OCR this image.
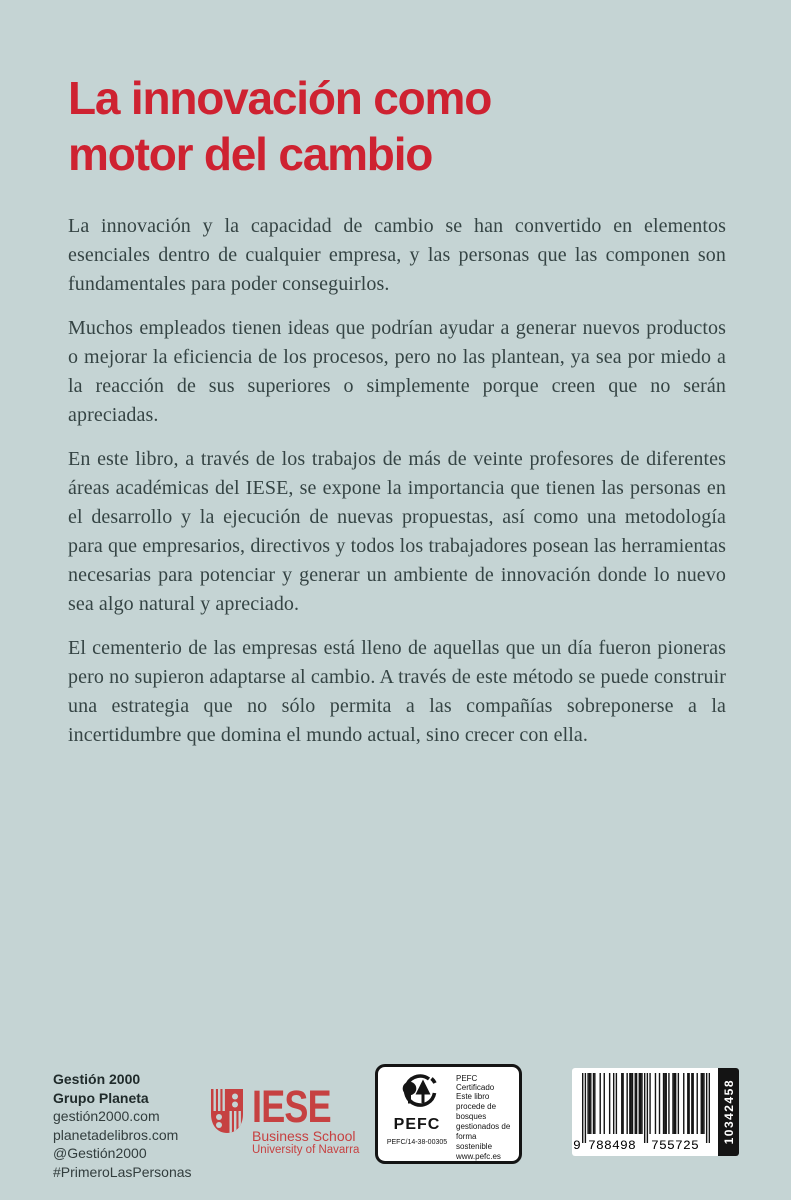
La innovación como
motor del cambio

La innovación y la capacidad de cambio se han convertido en elementos esenciales dentro de cualquier empresa, y las personas que las componen son fundamentales para poder conseguirlos.

Muchos empleados tienen ideas que podrían ayudar a generar nuevos productos o mejorar la eficiencia de los procesos, pero no las plantean, ya sea por miedo a la reacción de sus superiores o simplemente porque creen que no serán apreciadas.

En este libro, a través de los trabajos de más de veinte profesores de diferentes áreas académicas del IESE, se expone la importancia que tienen las personas en el desarrollo y la ejecución de nuevas propuestas, así como una metodología para que empresarios, directivos y todos los trabajadores posean las herramientas necesarias para potenciar y generar un ambiente de innovación donde lo nuevo sea algo natural y apreciado.

El cementerio de las empresas está lleno de aquellas que un día fueron pioneras pero no supieron adaptarse al cambio. A través de este método se puede construir una estrategia que no sólo permita a las compañías sobreponerse a la incertidumbre que domina el mundo actual, sino crecer con ella.

Gestión 2000
Grupo Planeta
gestión2000.com
planetadelibros.com
@Gestión2000
#PrimeroLasPersonas
IESE
Business School
University of Navarra
PEFC
PEFC/14-38-00305
PEFC Certificado
Este libro procede de bosques gestionados de forma sostenible
www.pefc.es
9 788498 755725
10342458
